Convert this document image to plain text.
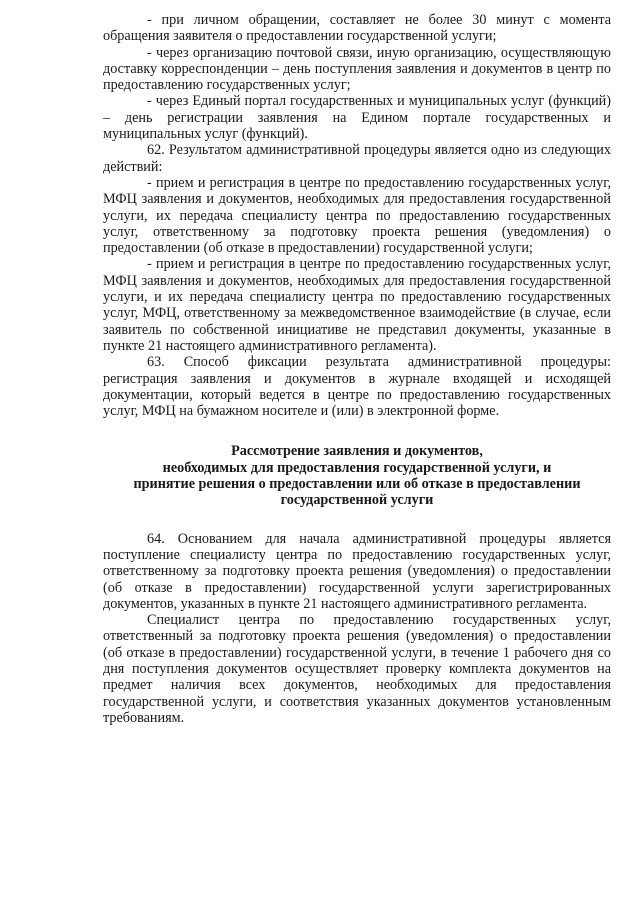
- при личном обращении, составляет не более 30 минут с момента обращения заявителя о предоставлении государственной услуги;

- через организацию почтовой связи, иную организацию, осуществляющую доставку корреспонденции – день поступления заявления и документов в центр по предоставлению государственных услуг;

- через Единый портал государственных и муниципальных услуг (функций) – день регистрации заявления на Едином портале государственных и муниципальных услуг (функций).

62. Результатом административной процедуры является одно из следующих действий:

- прием и регистрация в центре по предоставлению государственных услуг, МФЦ заявления и документов, необходимых для предоставления государственной услуги, их передача специалисту центра по предоставлению государственных услуг, ответственному за подготовку проекта решения (уведомления) о предоставлении (об отказе в предоставлении) государственной услуги;

- прием и регистрация в центре по предоставлению государственных услуг, МФЦ заявления и документов, необходимых для предоставления государственной услуги, и их передача специалисту центра по предоставлению государственных услуг, МФЦ, ответственному за межведомственное взаимодействие (в случае, если заявитель по собственной инициативе не представил документы, указанные в пункте 21 настоящего административного регламента).

63. Способ фиксации результата административной процедуры: регистрация заявления и документов в журнале входящей и исходящей документации, который ведется в центре по предоставлению государственных услуг, МФЦ на бумажном носителе и (или) в электронной форме.

Рассмотрение заявления и документов,
необходимых для предоставления государственной услуги, и
принятие решения о предоставлении или об отказе в предоставлении
государственной услуги

64. Основанием для начала административной процедуры является поступление специалисту центра по предоставлению государственных услуг, ответственному за подготовку проекта решения (уведомления) о предоставлении (об отказе в предоставлении) государственной услуги зарегистрированных документов, указанных в пункте 21 настоящего административного регламента.

Специалист центра по предоставлению государственных услуг, ответственный за подготовку проекта решения (уведомления) о предоставлении (об отказе в предоставлении) государственной услуги, в течение 1 рабочего дня со дня поступления документов осуществляет проверку комплекта документов на предмет наличия всех документов, необходимых для предоставления государственной услуги, и соответствия указанных документов установленным требованиям.
